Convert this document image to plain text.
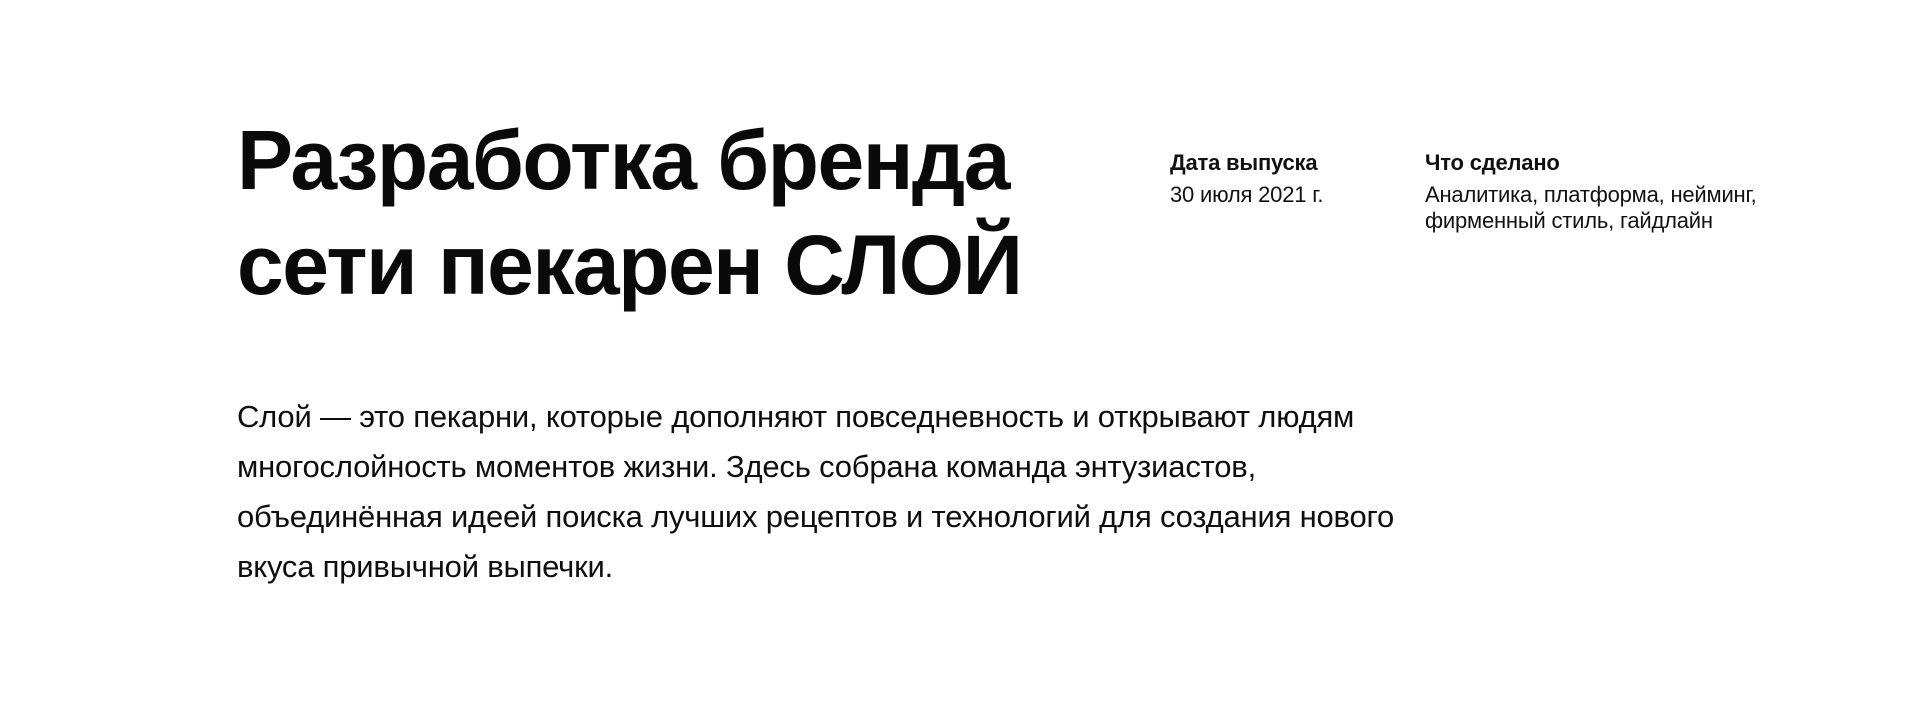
Разработка бренда
сети пекарен СЛОЙ
Дата выпуска
30 июля 2021 г.
Что сделано
Аналитика, платформа, нейминг, фирменный стиль, гайдлайн

Слой — это пекарни, которые дополняют повседневность и открывают людям многослойность моментов жизни. Здесь собрана команда энтузиастов, объединённая идеей поиска лучших рецептов и технологий для создания нового вкуса привычной выпечки.
